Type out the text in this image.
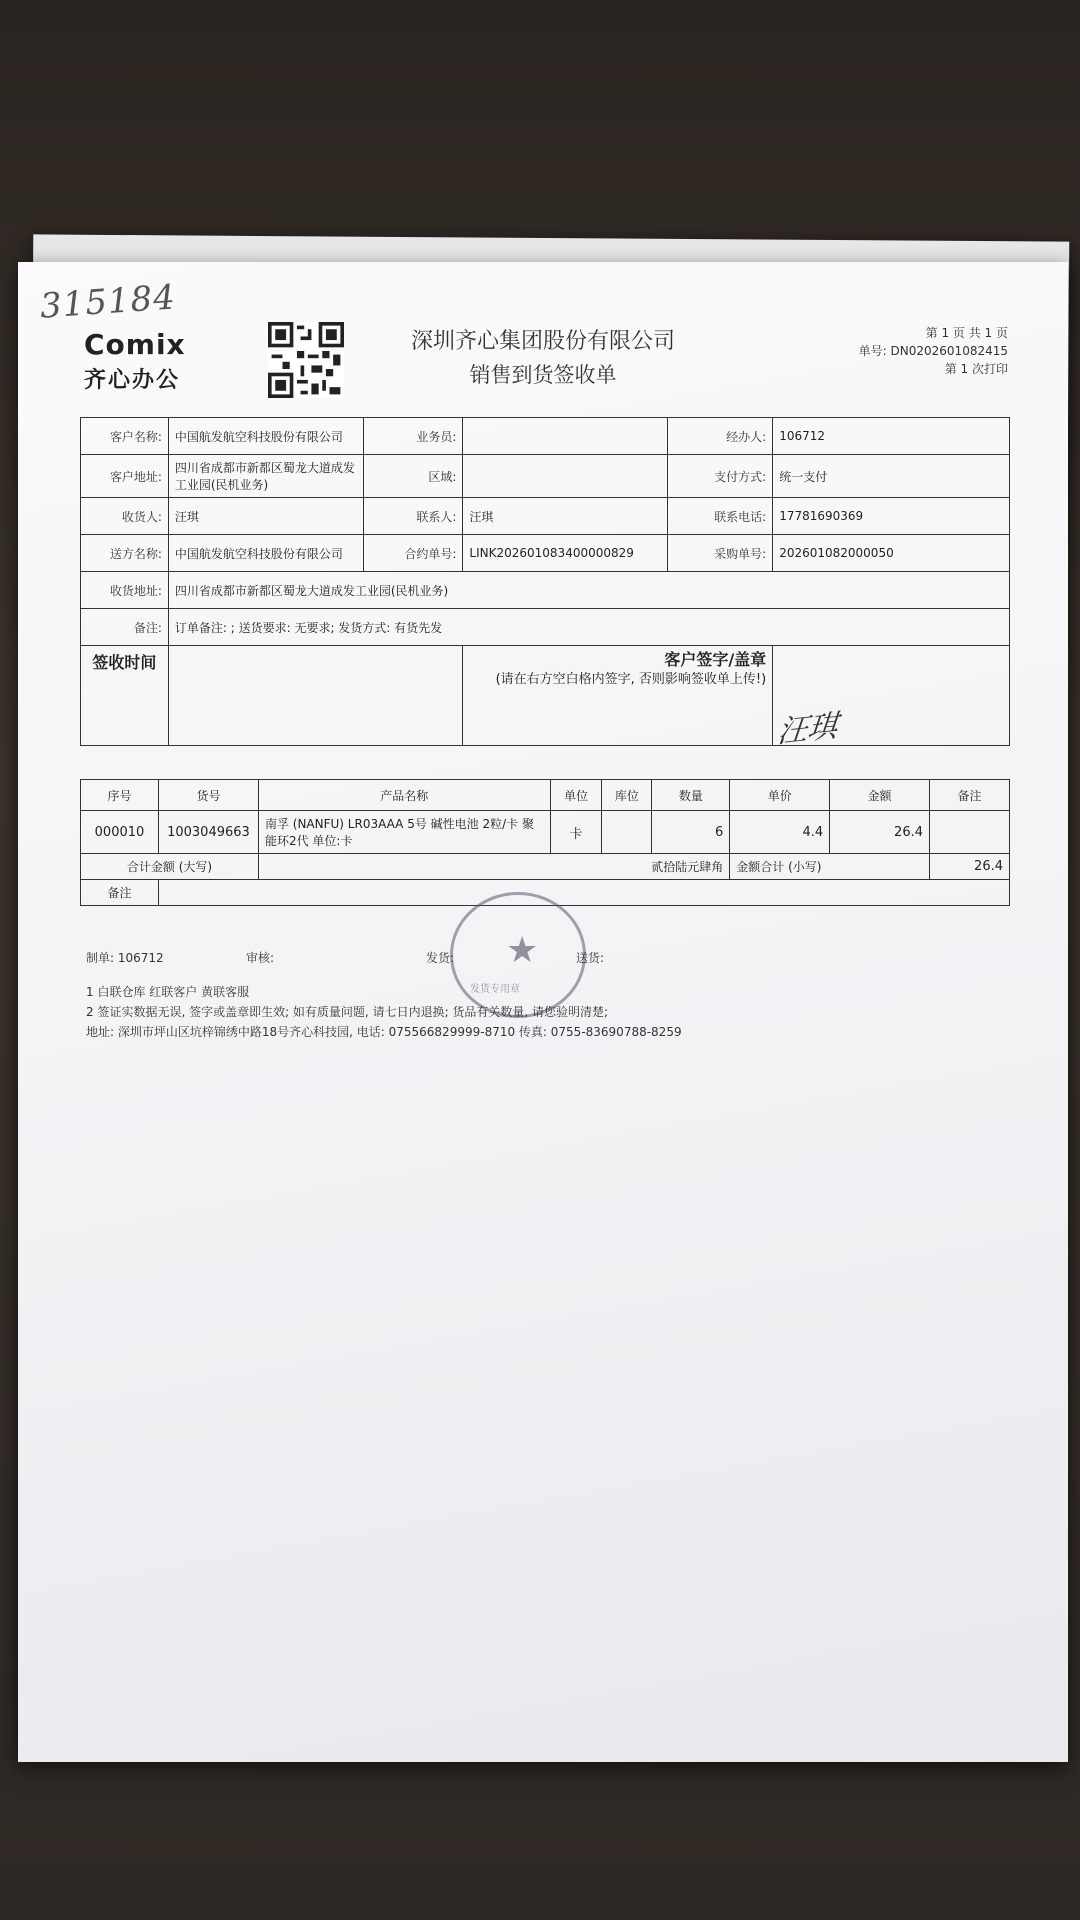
315184
Comix
齐心办公
深圳齐心集团股份有限公司
销售到货签收单
第 1 页 共 1 页
单号: DN0202601082415
第 1 次打印
客户名称:	中国航发航空科技股份有限公司	业务员:		经办人:	106712
客户地址:	四川省成都市新都区蜀龙大道成发工业园(民机业务)	区域:		支付方式:	统一支付
收货人:	汪琪	联系人:	汪琪	联系电话:	17781690369
送方名称:	中国航发航空科技股份有限公司	合约单号:	LINK202601083400000829	采购单号:	202601082000050
收货地址:	四川省成都市新都区蜀龙大道成发工业园(民机业务)				
备注:	订单备注: ; 送货要求: 无要求; 发货方式: 有货先发				
签收时间			客户签字/盖章
(请在右方空白格内签字, 否则影响签收单上传!)		

汪琪
序号	货号	产品名称	单位	库位	数量	单价	金额	备注
000010	1003049663	南孚 (NANFU) LR03AAA 5号 碱性电池 2粒/卡 聚能环2代 单位:卡	卡		6	4.4	26.4	
合计金额 (大写)		贰拾陆元肆角				金额合计 (小写)		26.4
备注								
★
发货专用章
制单: 106712	审核:	发货:	送货:
1 白联仓库 红联客户 黄联客服
2 签证实数据无误, 签字或盖章即生效; 如有质量问题, 请七日内退换; 货品有关数量, 请您验明清楚;
地址: 深圳市坪山区坑梓锦绣中路18号齐心科技园, 电话: 075566829999-8710 传真: 0755-83690788-8259
